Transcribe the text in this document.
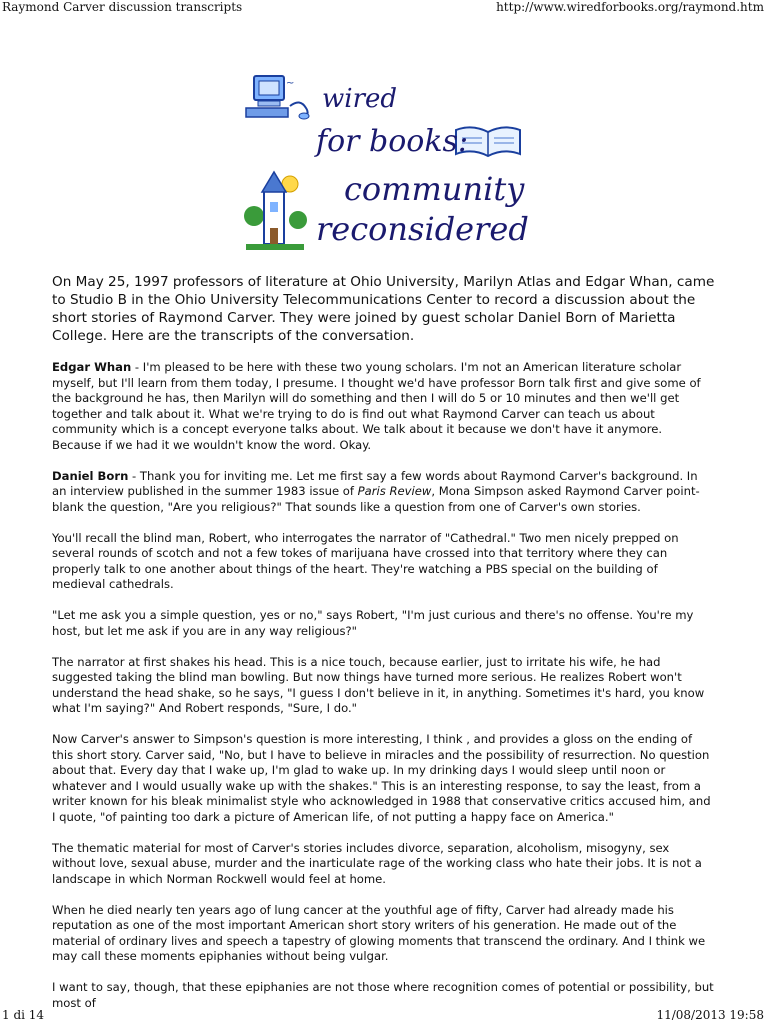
Raymond Carver discussion transcripts	http://www.wiredforbooks.org/raymond.htm
~
wired
for books:
community
reconsidered
On May 25, 1997 professors of literature at Ohio University, Marilyn Atlas and Edgar Whan, came to Studio B in the Ohio University Telecommunications Center to record a discussion about the short stories of Raymond Carver. They were joined by guest scholar Daniel Born of Marietta College. Here are the transcripts of the conversation.

Edgar Whan - I'm pleased to be here with these two young scholars. I'm not an American literature scholar myself, but I'll learn from them today, I presume. I thought we'd have professor Born talk first and give some of the background he has, then Marilyn will do something and then I will do 5 or 10 minutes and then we'll get together and talk about it. What we're trying to do is find out what Raymond Carver can teach us about community which is a concept everyone talks about. We talk about it because we don't have it anymore. Because if we had it we wouldn't know the word. Okay.

Daniel Born - Thank you for inviting me. Let me first say a few words about Raymond Carver's background. In an interview published in the summer 1983 issue of Paris Review, Mona Simpson asked Raymond Carver point-blank the question, "Are you religious?" That sounds like a question from one of Carver's own stories.

You'll recall the blind man, Robert, who interrogates the narrator of "Cathedral." Two men nicely prepped on several rounds of scotch and not a few tokes of marijuana have crossed into that territory where they can properly talk to one another about things of the heart. They're watching a PBS special on the building of medieval cathedrals.

"Let me ask you a simple question, yes or no," says Robert, "I'm just curious and there's no offense. You're my host, but let me ask if you are in any way religious?"

The narrator at first shakes his head. This is a nice touch, because earlier, just to irritate his wife, he had suggested taking the blind man bowling. But now things have turned more serious. He realizes Robert won't understand the head shake, so he says, "I guess I don't believe in it, in anything. Sometimes it's hard, you know what I'm saying?" And Robert responds, "Sure, I do."

Now Carver's answer to Simpson's question is more interesting, I think , and provides a gloss on the ending of this short story. Carver said, "No, but I have to believe in miracles and the possibility of resurrection. No question about that. Every day that I wake up, I'm glad to wake up. In my drinking days I would sleep until noon or whatever and I would usually wake up with the shakes." This is an interesting response, to say the least, from a writer known for his bleak minimalist style who acknowledged in 1988 that conservative critics accused him, and I quote, "of painting too dark a picture of American life, of not putting a happy face on America."

The thematic material for most of Carver's stories includes divorce, separation, alcoholism, misogyny, sex without love, sexual abuse, murder and the inarticulate rage of the working class who hate their jobs. It is not a landscape in which Norman Rockwell would feel at home.

When he died nearly ten years ago of lung cancer at the youthful age of fifty, Carver had already made his reputation as one of the most important American short story writers of his generation. He made out of the material of ordinary lives and speech a tapestry of glowing moments that transcend the ordinary. And I think we may call these moments epiphanies without being vulgar.

I want to say, though, that these epiphanies are not those where recognition comes of potential or possibility, but most of

1 di 14	11/08/2013 19:58
